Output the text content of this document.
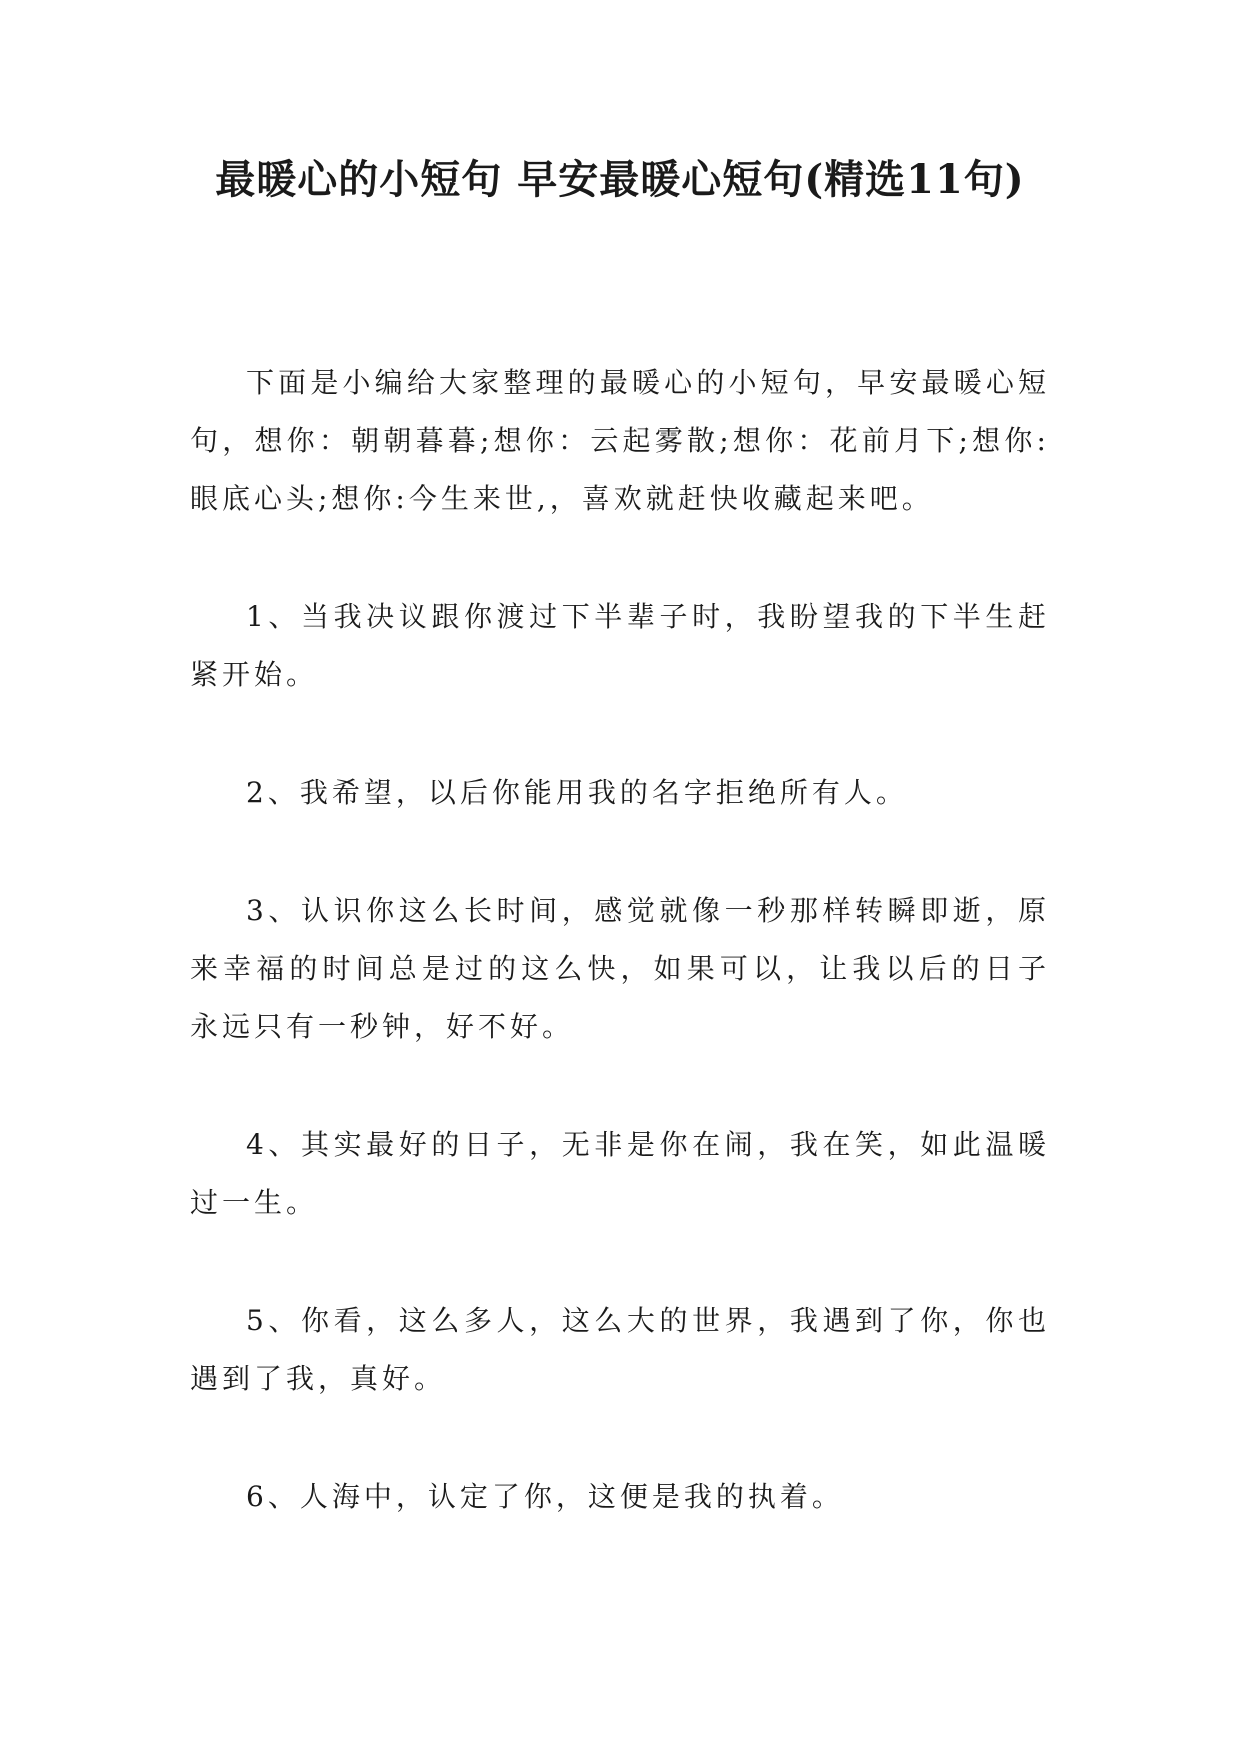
最暖心的小短句 早安最暖心短句(精选11句)

下面是小编给大家整理的最暖心的小短句，早安最暖心短句，想你：朝朝暮暮;想你：云起雾散;想你：花前月下;想你:眼底心头;想你:今生来世,，喜欢就赶快收藏起来吧。

1、当我决议跟你渡过下半辈子时，我盼望我的下半生赶紧开始。

2、我希望，以后你能用我的名字拒绝所有人。

3、认识你这么长时间，感觉就像一秒那样转瞬即逝，原来幸福的时间总是过的这么快，如果可以，让我以后的日子永远只有一秒钟，好不好。

4、其实最好的日子，无非是你在闹，我在笑，如此温暖过一生。

5、你看，这么多人，这么大的世界，我遇到了你，你也遇到了我，真好。

6、人海中，认定了你，这便是我的执着。
